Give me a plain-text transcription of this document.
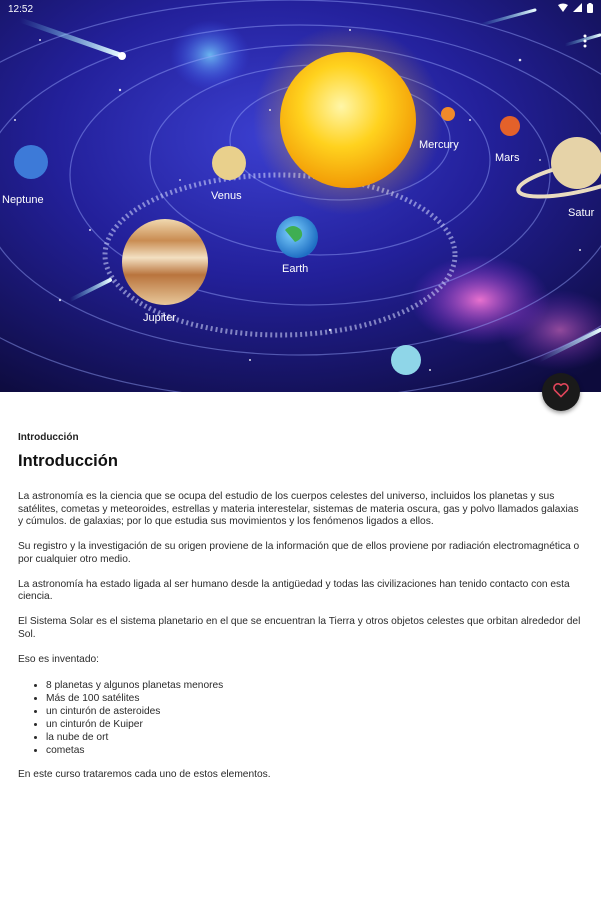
Neptune	Venus
Mercury
Mars
Satur
Earth
Jupiter
12:52
Introducción
Introducción

La astronomía es la ciencia que se ocupa del estudio de los cuerpos celestes del universo, incluidos los planetas y sus satélites, cometas y meteoroides, estrellas y materia interestelar, sistemas de materia oscura, gas y polvo llamados galaxias y cúmulos. de galaxias; por lo que estudia sus movimientos y los fenómenos ligados a ellos.

Su registro y la investigación de su origen proviene de la información que de ellos proviene por radiación electromagnética o por cualquier otro medio.

La astronomía ha estado ligada al ser humano desde la antigüedad y todas las civilizaciones han tenido contacto con esta ciencia.

El Sistema Solar es el sistema planetario en el que se encuentran la Tierra y otros objetos celestes que orbitan alrededor del Sol.

Eso es inventado:

• 8 planetas y algunos planetas menores
• Más de 100 satélites
• un cinturón de asteroides
• un cinturón de Kuiper
• la nube de ort
• cometas

En este curso trataremos cada uno de estos elementos.
